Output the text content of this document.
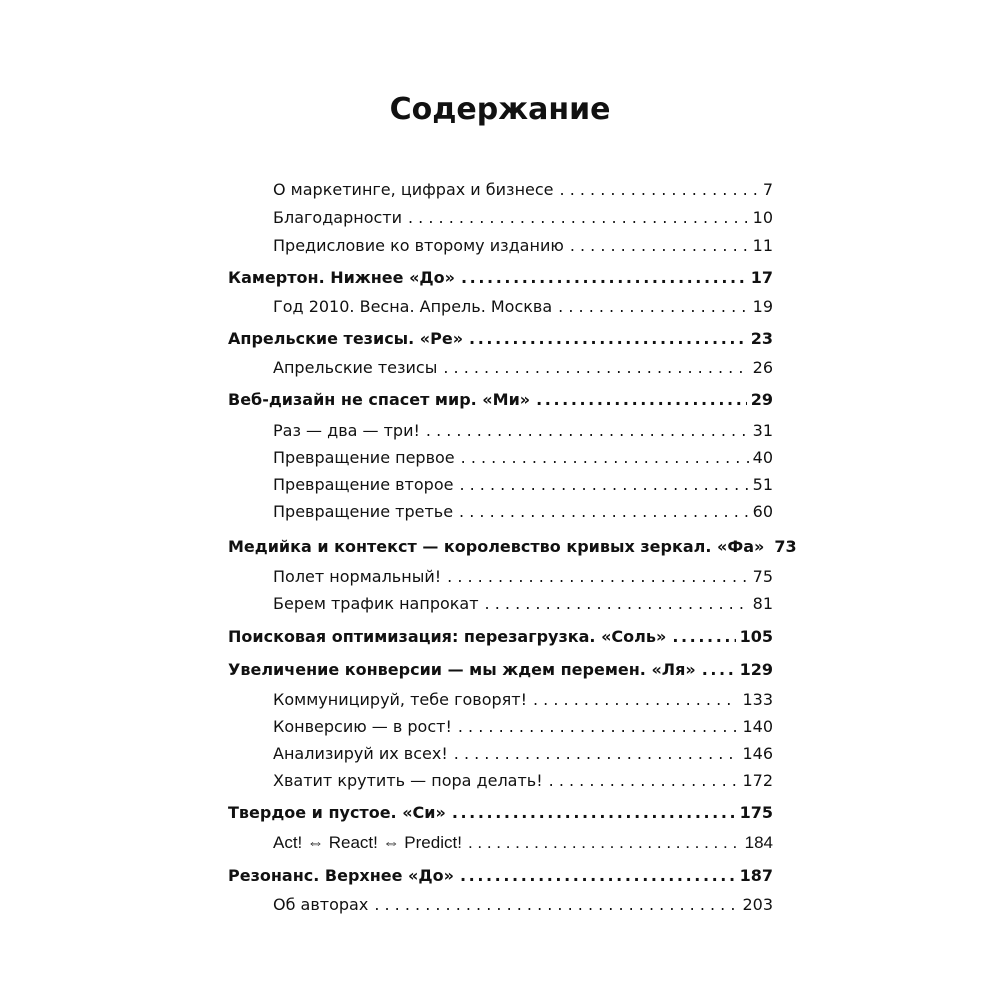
Содержание
О маркетинге, цифрах и бизнесе . . .	7
Благодарности . . .	10
Предисловие ко второму изданию . . .	11
Камертон. Нижнее «До» .....	17
Год 2010. Весна. Апрель. Москва . . .	19
Апрельские тезисы. «Ре» .....	23
Апрельские тезисы . . .	26
Веб-дизайн не спасет мир. «Ми» .....	29
Раз — два — три! . . .	31
Превращение первое . . .	40
Превращение второе . . .	51
Превращение третье . . .	60
Медийка и контекст — королевство кривых зеркал. «Фа» 73
Полет нормальный! . . .	75
Берем трафик напрокат . . .	81
Поисковая оптимизация: перезагрузка. «Соль» .....	105
Увеличение конверсии — мы ждем перемен. «Ля» .....	129
Коммуницируй, тебе говорят! . . .	133
Конверсию — в рост! . . .	140
Анализируй их всех! . . .	146
Хватит крутить — пора делать! . . .	172
Твердое и пустое. «Си» .....	175
Act! ⇔ React! ⇔ Predict! . . .	184
Резонанс. Верхнее «До» .....	187
Об авторах . . .	203
